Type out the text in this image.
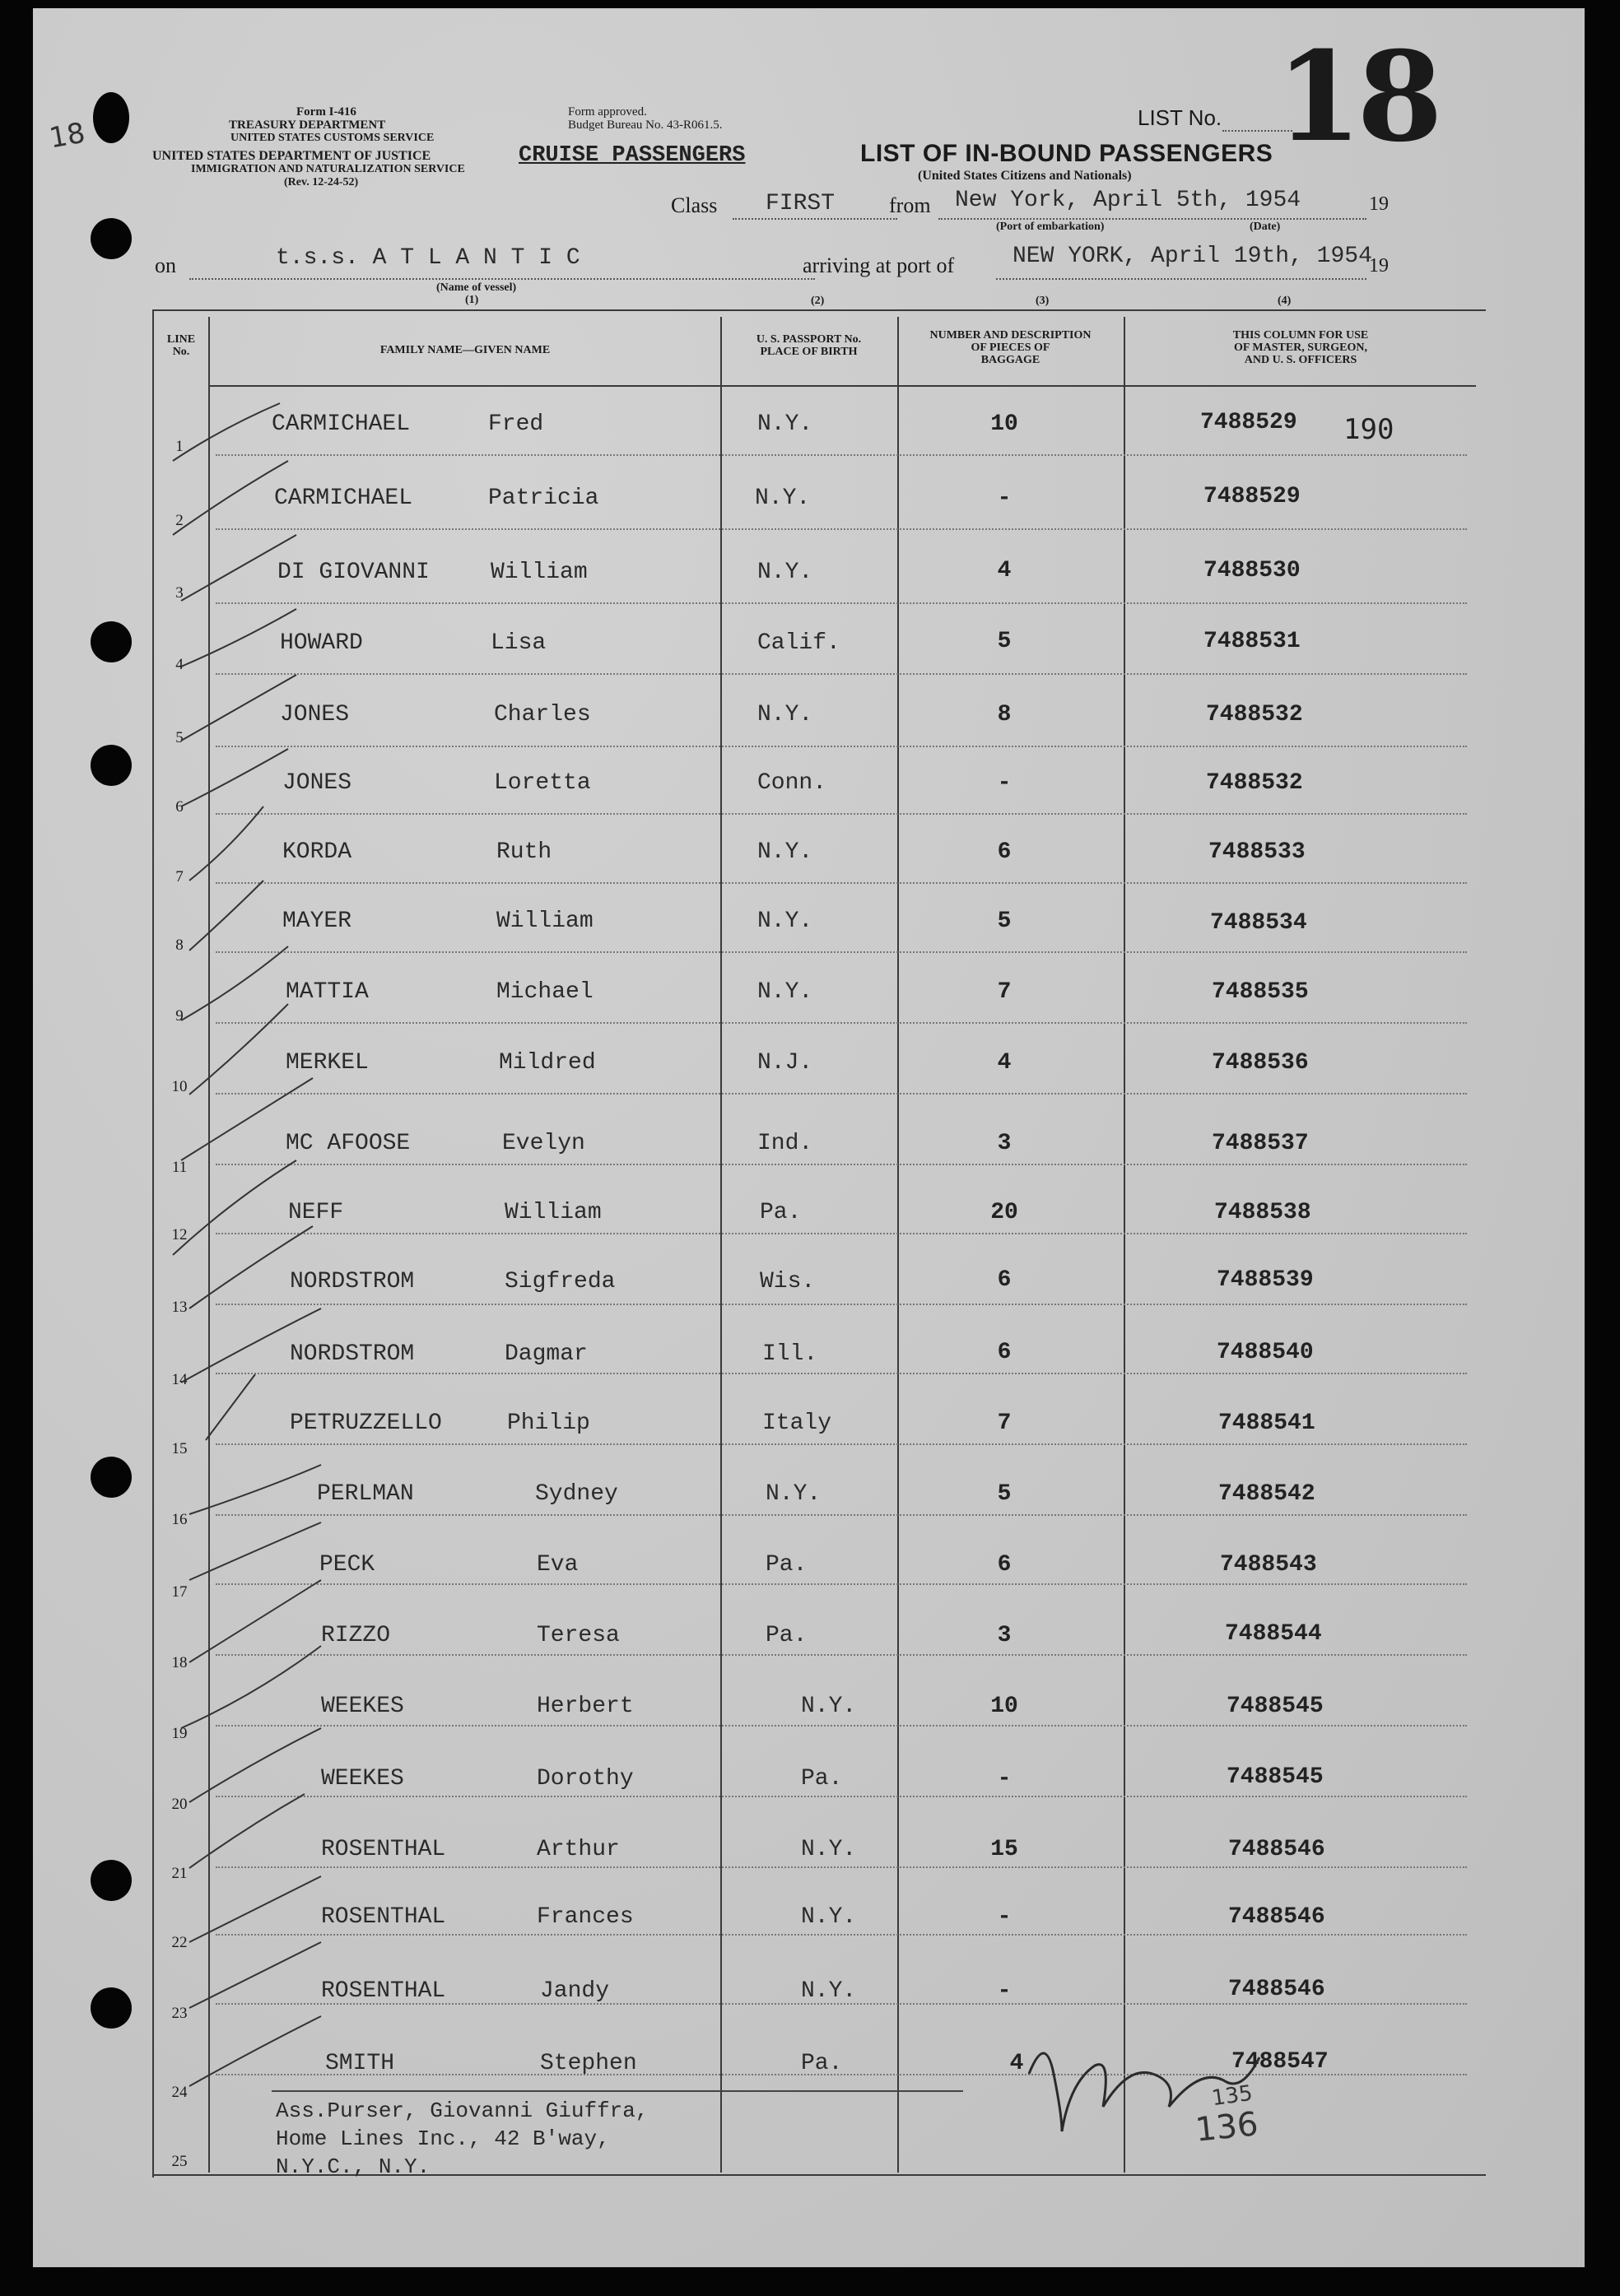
18
Form I-416
TREASURY DEPARTMENT
UNITED STATES CUSTOMS SERVICE
UNITED STATES DEPARTMENT OF JUSTICE
IMMIGRATION AND NATURALIZATION SERVICE
(Rev. 12-24-52)
Form approved.
Budget Bureau No. 43-R061.5.
CRUISE PASSENGERS	LIST OF IN-BOUND PASSENGERS
(United States Citizens and Nationals)
LIST No. 18
Class FIRST	from New York, April 5th, 1954	19
(Port of embarkation)	(Date)
on	t.s.s. A T L A N T I C
(Name of vessel)
(1)
arriving at port of	NEW YORK, April 19th, 1954
19
(2)	(3)	(4)
LINE
No.	FAMILY NAME—GIVEN NAME
U. S. PASSPORT No.
PLACE OF BIRTH
NUMBER AND DESCRIPTION
OF PIECES OF
BAGGAGE
THIS COLUMN FOR USE
OF MASTER, SURGEON,
AND U. S. OFFICERS
1
CARMICHAEL	Fred	N.Y.	10	7488529
2
CARMICHAEL	Patricia	N.Y.	-	7488529
3
DI GIOVANNI	William	N.Y.	4	7488530
4
HOWARD	Lisa	Calif.	5	7488531
5
JONES	Charles	N.Y.	8	7488532
6
JONES	Loretta	Conn.	-	7488532
7
KORDA	Ruth	N.Y.	6	7488533
8
MAYER	William	N.Y.	5	7488534
9
MATTIA	Michael	N.Y.	7	7488535
10
MERKEL	Mildred	N.J.	4	7488536
11
MC AFOOSE	Evelyn	Ind.	3	7488537
12
NEFF	William	Pa.	20	7488538
13
NORDSTROM	Sigfreda	Wis.	6	7488539
14
NORDSTROM	Dagmar	Ill.	6	7488540
15
PETRUZZELLO	Philip	Italy	7	7488541
16
PERLMAN	Sydney	N.Y.	5	7488542
17
PECK	Eva	Pa.	6	7488543
18
RIZZO	Teresa	Pa.	3	7488544
19
WEEKES	Herbert	N.Y.	10	7488545
20
WEEKES	Dorothy	Pa.	-	7488545
21
ROSENTHAL	Arthur	N.Y.	15	7488546
22
ROSENTHAL	Frances	N.Y.	-	7488546
23
ROSENTHAL	Jandy	N.Y.	-	7488546
24
SMITH	Stephen	Pa.	4	7488547
25
190
135
136
Ass.Purser, Giovanni Giuffra,
Home Lines Inc., 42 B'way,
N.Y.C., N.Y.
